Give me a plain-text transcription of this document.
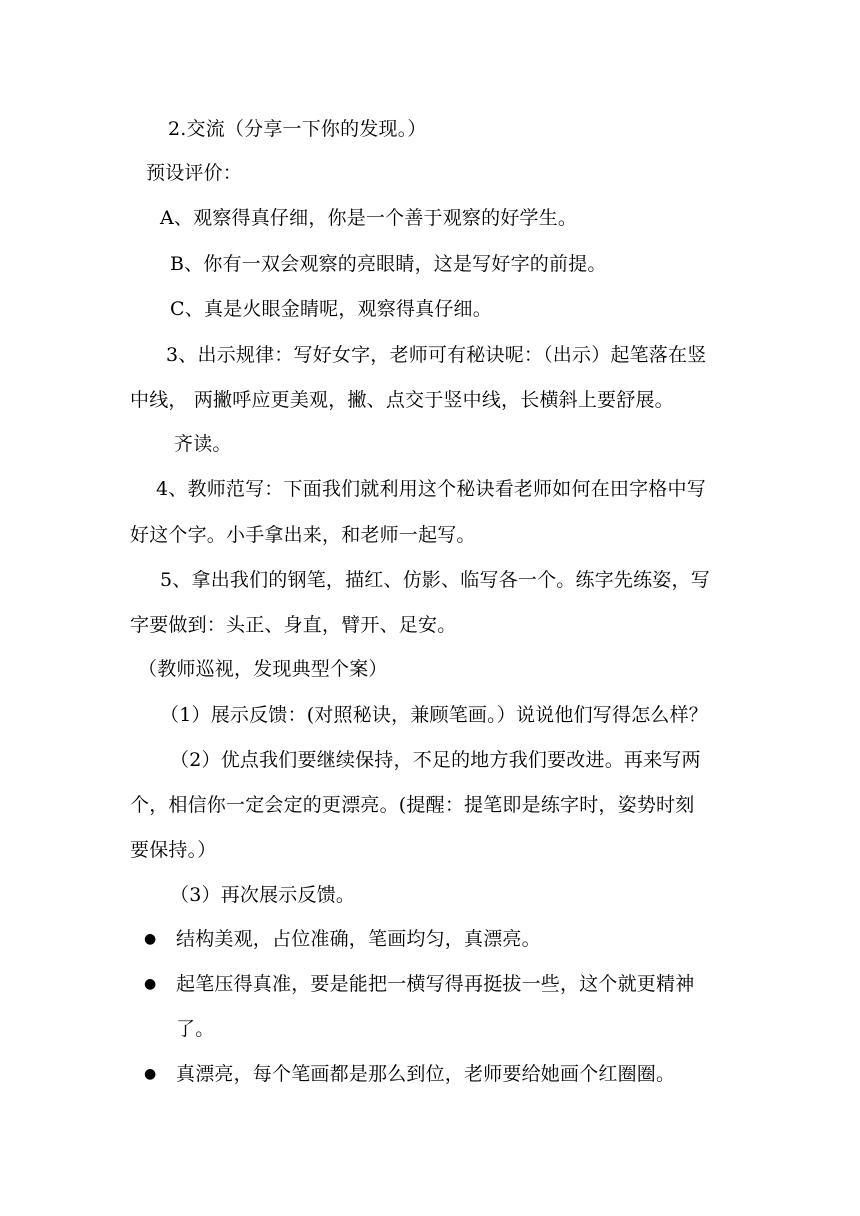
2.交流（分享一下你的发现。）
预设评价：
A、观察得真仔细，你是一个善于观察的好学生。
B、你有一双会观察的亮眼睛，这是写好字的前提。
C、真是火眼金睛呢，观察得真仔细。
3、出示规律：写好女字，老师可有秘诀呢：（出示）起笔落在竖
中线， 两撇呼应更美观，撇、点交于竖中线，长横斜上要舒展。
齐读。
4、教师范写：下面我们就利用这个秘诀看老师如何在田字格中写
好这个字。小手拿出来，和老师一起写。
5、拿出我们的钢笔，描红、仿影、临写各一个。练字先练姿，写
字要做到：头正、身直，臂开、足安。
（教师巡视，发现典型个案）
（1）展示反馈：(对照秘诀，兼顾笔画。）说说他们写得怎么样？
（2）优点我们要继续保持，不足的地方我们要改进。再来写两
个，相信你一定会定的更漂亮。(提醒：提笔即是练字时，姿势时刻
要保持。）
（3）再次展示反馈。
● 结构美观，占位准确，笔画均匀，真漂亮。
● 起笔压得真准，要是能把一横写得再挺拔一些，这个就更精神
了。
● 真漂亮，每个笔画都是那么到位，老师要给她画个红圈圈。
